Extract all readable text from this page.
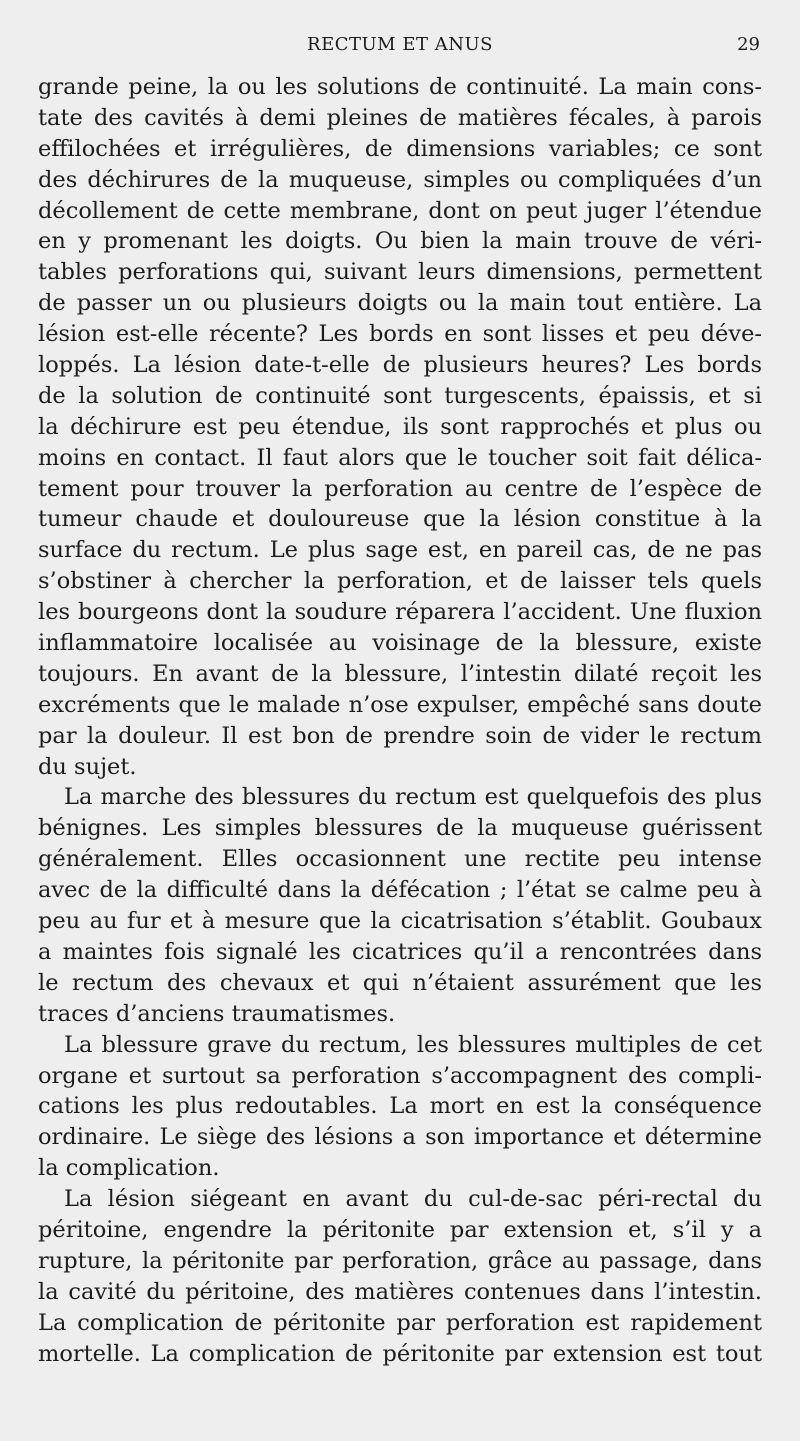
RECTUM ET ANUS	29
grande peine, la ou les solutions de continuité. La main cons-
tate des cavités à demi pleines de matières fécales, à parois
effilochées et irrégulières, de dimensions variables; ce sont
des déchirures de la muqueuse, simples ou compliquées d’un
décollement de cette membrane, dont on peut juger l’étendue
en y promenant les doigts. Ou bien la main trouve de véri-
tables perforations qui, suivant leurs dimensions, permettent
de passer un ou plusieurs doigts ou la main tout entière. La
lésion est-elle récente? Les bords en sont lisses et peu déve-
loppés. La lésion date-t-elle de plusieurs heures? Les bords
de la solution de continuité sont turgescents, épaissis, et si
la déchirure est peu étendue, ils sont rapprochés et plus ou
moins en contact. Il faut alors que le toucher soit fait délica-
tement pour trouver la perforation au centre de l’espèce de
tumeur chaude et douloureuse que la lésion constitue à la
surface du rectum. Le plus sage est, en pareil cas, de ne pas
s’obstiner à chercher la perforation, et de laisser tels quels
les bourgeons dont la soudure réparera l’accident. Une fluxion
inflammatoire localisée au voisinage de la blessure, existe
toujours. En avant de la blessure, l’intestin dilaté reçoit les
excréments que le malade n’ose expulser, empêché sans doute
par la douleur. Il est bon de prendre soin de vider le rectum
du sujet.
La marche des blessures du rectum est quelquefois des plus
bénignes. Les simples blessures de la muqueuse guérissent
généralement. Elles occasionnent une rectite peu intense
avec de la difficulté dans la défécation ; l’état se calme peu à
peu au fur et à mesure que la cicatrisation s’établit. Goubaux
a maintes fois signalé les cicatrices qu’il a rencontrées dans
le rectum des chevaux et qui n’étaient assurément que les
traces d’anciens traumatismes.
La blessure grave du rectum, les blessures multiples de cet
organe et surtout sa perforation s’accompagnent des compli-
cations les plus redoutables. La mort en est la conséquence
ordinaire. Le siège des lésions a son importance et détermine
la complication.
La lésion siégeant en avant du cul-de-sac péri-rectal du
péritoine, engendre la péritonite par extension et, s’il y a
rupture, la péritonite par perforation, grâce au passage, dans
la cavité du péritoine, des matières contenues dans l’intestin.
La complication de péritonite par perforation est rapidement
mortelle. La complication de péritonite par extension est tout
